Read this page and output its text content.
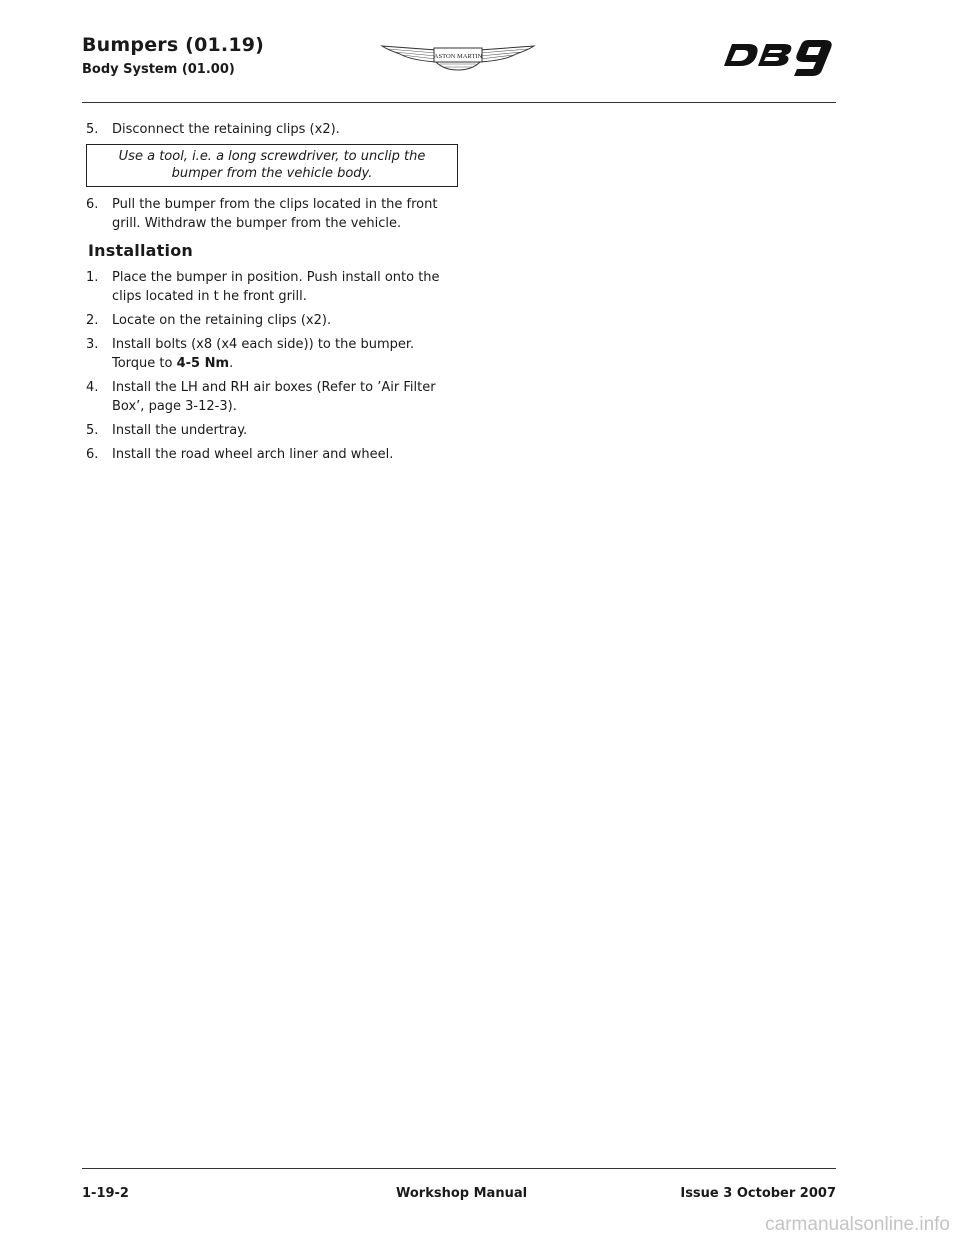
Bumpers (01.19)
Body System (01.00)
ASTON MARTIN
5.	Disconnect the retaining clips (x2).
Use a tool, i.e. a long screwdriver, to unclip the bumper from the vehicle body.
6.	Pull the bumper from the clips located in the front grill. Withdraw the bumper from the vehicle.
Installation
1.	Place the bumper in position. Push install onto the clips located in t he front grill.
2.	Locate on the retaining clips (x2).
3.	Install bolts (x8 (x4 each side)) to the bumper. Torque to 4-5 Nm.
4.	Install the LH and RH air boxes (Refer to ’Air Filter Box’, page 3-12-3).
5.	Install the undertray.
6.	Install the road wheel arch liner and wheel.
1-19-2	Workshop Manual	Issue 3 October 2007
carmanualsonline.info
